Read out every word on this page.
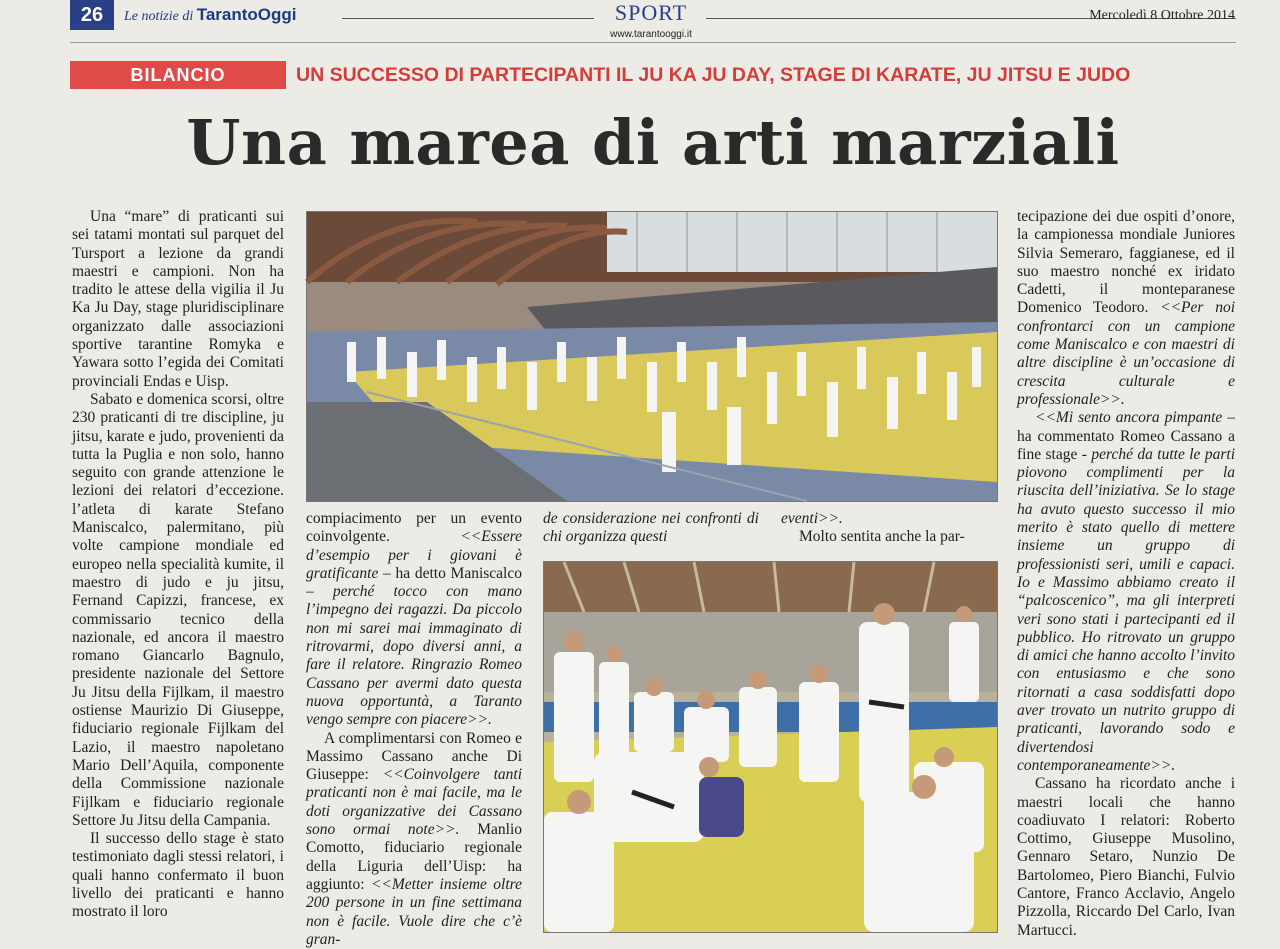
26	Le notizie di TarantoOggi	SPORT
www.tarantooggi.it
Mercoledì 8 Ottobre 2014
BILANCIO	UN SUCCESSO DI PARTECIPANTI IL JU KA JU DAY, STAGE DI KARATE, JU JITSU E JUDO
Una marea di arti marziali

Una “mare” di praticanti sui sei tatami montati sul parquet del Tursport a lezione da grandi maestri e campioni. Non ha tradito le attese della vigilia il Ju Ka Ju Day, stage pluridisciplinare organizzato dalle associazioni sportive tarantine Romyka e Yawara sotto l’egida dei Comitati provinciali Endas e Uisp.

Sabato e domenica scorsi, oltre 230 praticanti di tre discipline, ju jitsu, karate e judo, provenienti da tutta la Puglia e non solo, hanno seguito con grande attenzione le lezioni dei relatori d’eccezione. l’atleta di karate Stefano Maniscalco, palermitano, più volte campione mondiale ed europeo nella specialità kumite, il maestro di judo e ju jitsu, Fernand Capizzi, francese, ex commissario tecnico della nazionale, ed ancora il maestro romano Giancarlo Bagnulo, presidente nazionale del Settore Ju Jitsu della Fijlkam, il maestro ostiense Maurizio Di Giuseppe, fiduciario regionale Fijlkam del Lazio, il maestro napoletano Mario Dell’Aquila, componente della Commissione nazionale Fijlkam e fiduciario regionale Settore Ju Jitsu della Campania.

Il successo dello stage è stato testimoniato dagli stessi relatori, i quali hanno confermato il buon livello dei praticanti e hanno mostrato il loro

compiacimento per un evento coinvolgente. <<Essere d’esempio per i giovani è gratificante – ha detto Maniscalco – perché tocco con mano l’impegno dei ragazzi. Da piccolo non mi sarei mai immaginato di ritrovarmi, dopo diversi anni, a fare il relatore. Ringrazio Romeo Cassano per avermi dato questa nuova opportuntà, a Taranto vengo sempre con piacere>>.

A complimentarsi con Romeo e Massimo Cassano anche Di Giuseppe: <<Coinvolgere tanti praticanti non è mai facile, ma le doti organizzative dei Cassano sono ormai note>>. Manlio Comotto, fiduciario regionale della Liguria dell’Uisp: ha aggiunto: <<Metter insieme oltre 200 persone in un fine settimana non è facile. Vuole dire che c’è gran-

de considerazione nei confronti di chi organizza questi

eventi>>.

Molto sentita anche la par-

tecipazione dei due ospiti d’onore, la campionessa mondiale Juniores Silvia Semeraro, faggianese, ed il suo maestro nonché ex iridato Cadetti, il monteparanese Domenico Teodoro. <<Per noi confrontarci con un campione come Maniscalco e con maestri di altre discipline è un’occasione di crescita culturale e professionale>>.

<<Mi sento ancora pimpante – ha commentato Romeo Cassano a fine stage - perché da tutte le parti piovono complimenti per la riuscita dell’iniziativa. Se lo stage ha avuto questo successo il mio merito è stato quello di mettere insieme un gruppo di professionisti seri, umili e capaci. Io e Massimo abbiamo creato il “palcoscenico”, ma gli interpreti veri sono stati i partecipanti ed il pubblico. Ho ritrovato un gruppo di amici che hanno accolto l’invito con entusiasmo e che sono ritornati a casa soddisfatti dopo aver trovato un nutrito gruppo di praticanti, lavorando sodo e divertendosi contemporaneamente>>.

Cassano ha ricordato anche i maestri locali che hanno coadiuvato I relatori: Roberto Cottimo, Giuseppe Musolino, Gennaro Setaro, Nunzio De Bartolomeo, Piero Bianchi, Fulvio Cantore, Franco Acclavio, Angelo Pizzolla, Riccardo Del Carlo, Ivan Martucci.
